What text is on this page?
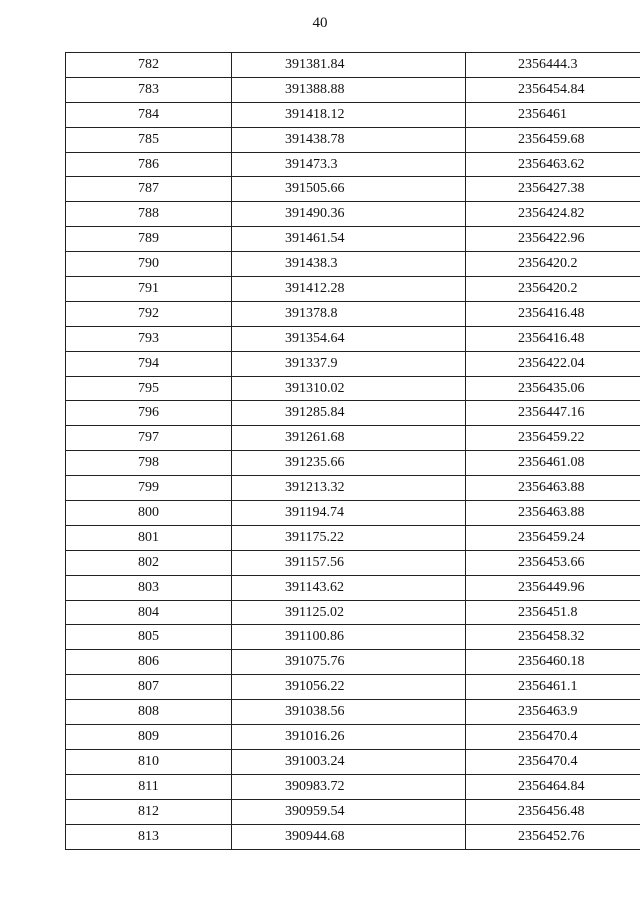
40
782	391381.84	2356444.3
783	391388.88	2356454.84
784	391418.12	2356461
785	391438.78	2356459.68
786	391473.3	2356463.62
787	391505.66	2356427.38
788	391490.36	2356424.82
789	391461.54	2356422.96
790	391438.3	2356420.2
791	391412.28	2356420.2
792	391378.8	2356416.48
793	391354.64	2356416.48
794	391337.9	2356422.04
795	391310.02	2356435.06
796	391285.84	2356447.16
797	391261.68	2356459.22
798	391235.66	2356461.08
799	391213.32	2356463.88
800	391194.74	2356463.88
801	391175.22	2356459.24
802	391157.56	2356453.66
803	391143.62	2356449.96
804	391125.02	2356451.8
805	391100.86	2356458.32
806	391075.76	2356460.18
807	391056.22	2356461.1
808	391038.56	2356463.9
809	391016.26	2356470.4
810	391003.24	2356470.4
811	390983.72	2356464.84
812	390959.54	2356456.48
813	390944.68	2356452.76
